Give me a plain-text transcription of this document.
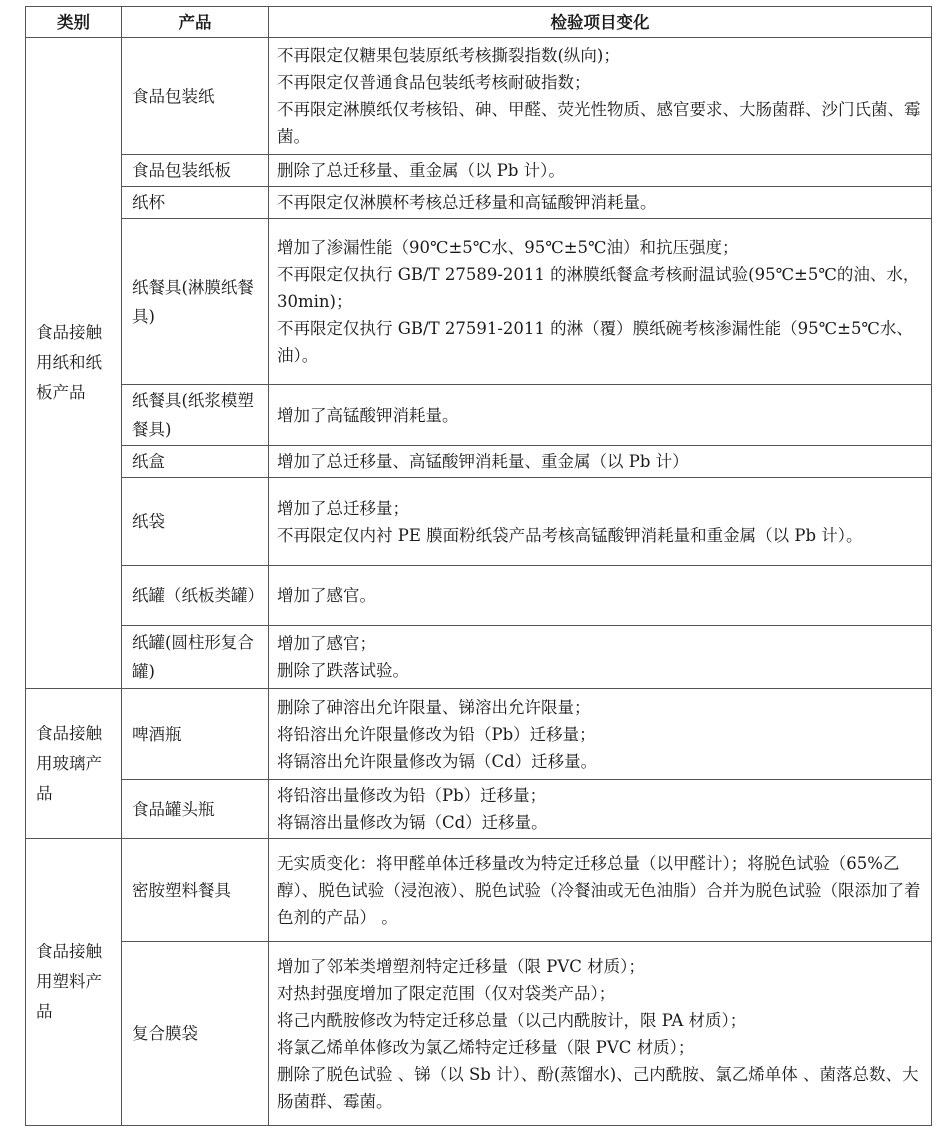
类别	产品	检验项目变化
食品接触用纸和纸板产品	食品包装纸	不再限定仅糖果包装原纸考核撕裂指数(纵向)；
不再限定仅普通食品包装纸考核耐破指数；
不再限定淋膜纸仅考核铅、砷、甲醛、荧光性物质、感官要求、大肠菌群、沙门氏菌、霉菌。

	食品包装纸板	删除了总迁移量、重金属（以 Pb 计）。

	纸杯	不再限定仅淋膜杯考核总迁移量和高锰酸钾消耗量。

	纸餐具(淋膜纸餐具)	增加了渗漏性能（90℃±5℃水、95℃±5℃油）和抗压强度；
不再限定仅执行 GB/T 27589-2011 的淋膜纸餐盒考核耐温试验(95℃±5℃的油、水，30min)；
不再限定仅执行 GB/T 27591-2011 的淋（覆）膜纸碗考核渗漏性能（95℃±5℃水、油）。

	纸餐具(纸浆模塑餐具)	增加了高锰酸钾消耗量。

	纸盒	增加了总迁移量、高锰酸钾消耗量、重金属（以 Pb 计）

	纸袋	增加了总迁移量；
不再限定仅内衬 PE 膜面粉纸袋产品考核高锰酸钾消耗量和重金属（以 Pb 计）。

	纸罐（纸板类罐）	增加了感官。

	纸罐(圆柱形复合罐)	增加了感官；
删除了跌落试验。

食品接触用玻璃产品	啤酒瓶	删除了砷溶出允许限量、锑溶出允许限量；
将铅溶出允许限量修改为铅（Pb）迁移量；
将镉溶出允许限量修改为镉（Cd）迁移量。

	食品罐头瓶	将铅溶出量修改为铅（Pb）迁移量；
将镉溶出量修改为镉（Cd）迁移量。

食品接触用塑料产品	密胺塑料餐具	无实质变化：将甲醛单体迁移量改为特定迁移总量（以甲醛计）；将脱色试验（65%乙醇）、脱色试验（浸泡液）、脱色试验（冷餐油或无色油脂）合并为脱色试验（限添加了着色剂的产品） 。

	复合膜袋	增加了邻苯类增塑剂特定迁移量（限 PVC 材质）；
对热封强度增加了限定范围（仅对袋类产品）；
将己内酰胺修改为特定迁移总量（以己内酰胺计，限 PA 材质）；
将氯乙烯单体修改为氯乙烯特定迁移量（限 PVC 材质）；
删除了脱色试验 、锑（以 Sb 计）、酚(蒸馏水)、己内酰胺、氯乙烯单体 、菌落总数、大肠菌群、霉菌。
